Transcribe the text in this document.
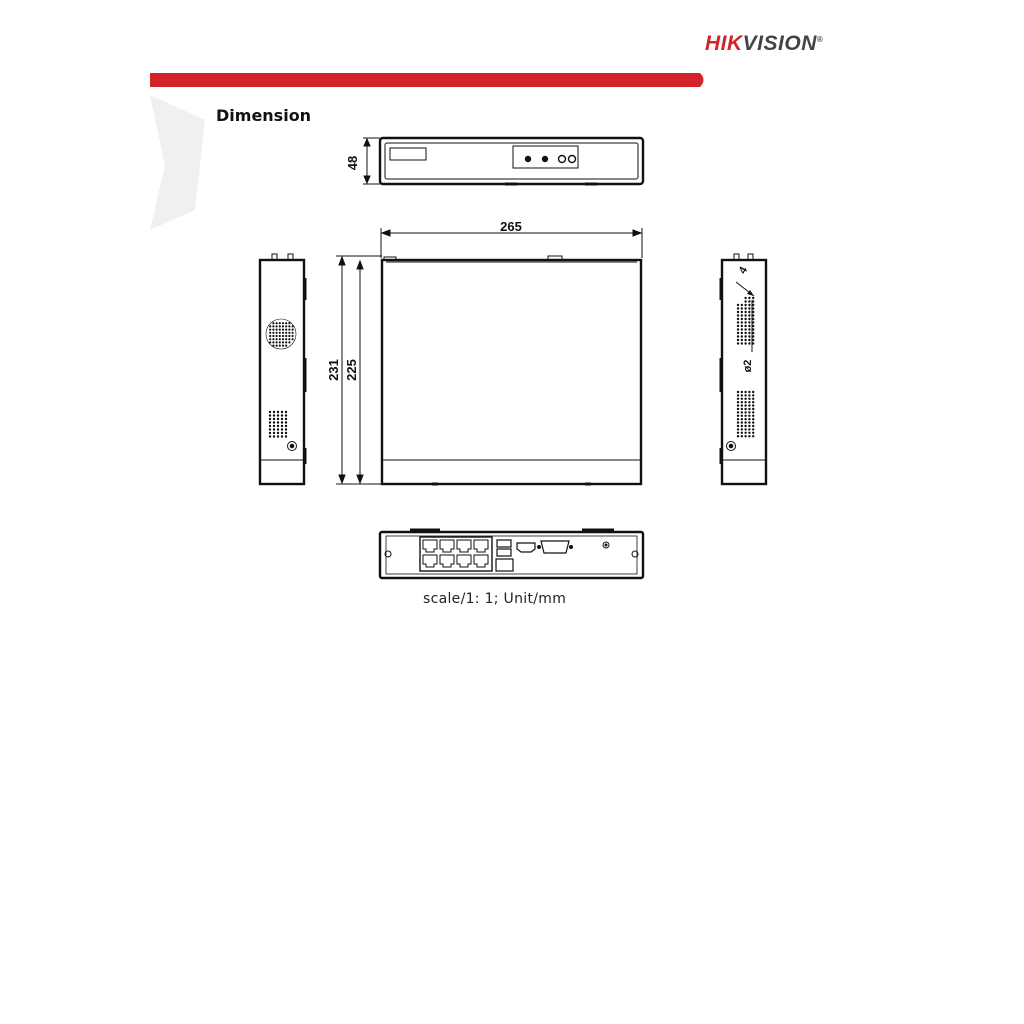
HIKVISION®
48
265
231 225
4
ø2
Dimension
scale/1: 1; Unit/mm
